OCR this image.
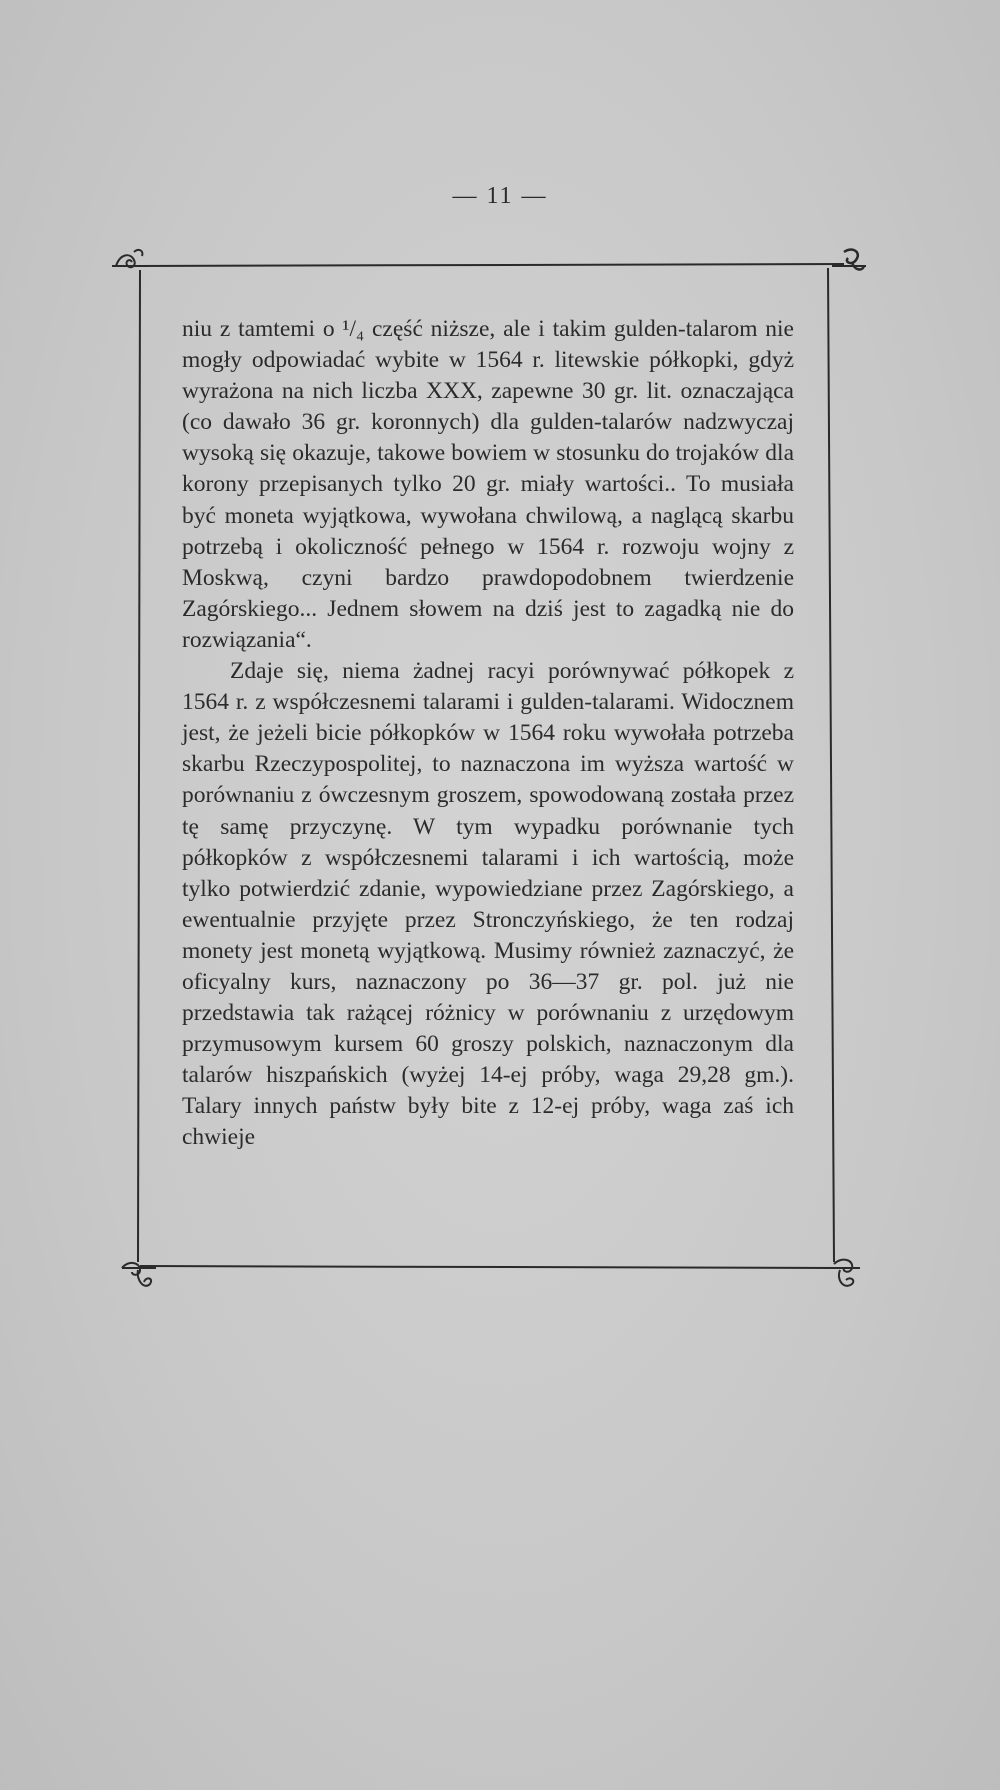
— 11 —

niu z tamtemi o ¹/₄ część niższe, ale i takim gulden-talarom nie mogły odpowiadać wybite w 1564 r. litewskie półkopki, gdyż wyrażona na nich liczba XXX, zapewne 30 gr. lit. oznaczająca (co dawało 36 gr. koronnych) dla gulden-talarów nadzwyczaj wysoką się okazuje, takowe bowiem w stosunku do trojaków dla korony przepisanych tylko 20 gr. miały wartości.. To musiała być moneta wyjątkowa, wywołana chwilową, a naglącą skarbu potrzebą i okoliczność pełnego w 1564 r. rozwoju wojny z Moskwą, czyni bardzo prawdopodobnem twierdzenie Zagórskiego... Jednem słowem na dziś jest to zagadką nie do rozwiązania“.

Zdaje się, niema żadnej racyi porównywać półkopek z 1564 r. z współczesnemi talarami i gulden-talarami. Widocznem jest, że jeżeli bicie półkopków w 1564 roku wywołała potrzeba skarbu Rzeczypospolitej, to naznaczona im wyższa wartość w porównaniu z ówczesnym groszem, spowodowaną została przez tę samę przyczynę. W tym wypadku porównanie tych półkopków z współczesnemi talarami i ich wartością, może tylko potwierdzić zdanie, wypowiedziane przez Zagórskiego, a ewentualnie przyjęte przez Stronczyńskiego, że ten rodzaj monety jest monetą wyjątkową. Musimy również zaznaczyć, że oficyalny kurs, naznaczony po 36—37 gr. pol. już nie przedstawia tak rażącej różnicy w porównaniu z urzędowym przymusowym kursem 60 groszy polskich, naznaczonym dla talarów hiszpańskich (wyżej 14-ej próby, waga 29,28 gm.). Talary innych państw były bite z 12-ej próby, waga zaś ich chwieje
